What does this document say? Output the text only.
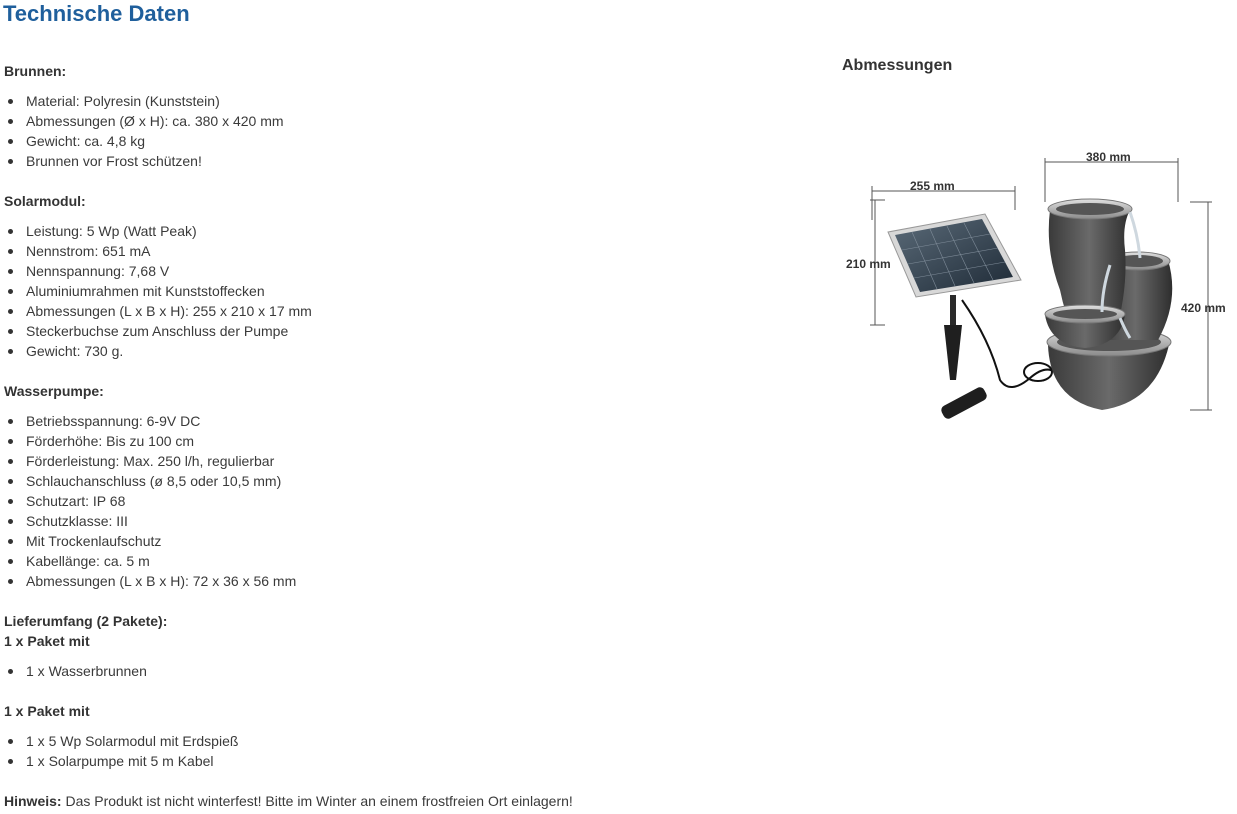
Technische Daten
Brunnen:
Material: Polyresin (Kunststein)
Abmessungen (Ø x H): ca. 380 x 420 mm
Gewicht: ca. 4,8 kg
Brunnen vor Frost schützen!
Solarmodul:
Leistung: 5 Wp (Watt Peak)
Nennstrom: 651 mA
Nennspannung: 7,68 V
Aluminiumrahmen mit Kunststoffecken
Abmessungen (L x B x H): 255 x 210 x 17 mm
Steckerbuchse zum Anschluss der Pumpe
Gewicht: 730 g.
Wasserpumpe:
Betriebsspannung: 6-9V DC
Förderhöhe: Bis zu 100 cm
Förderleistung: Max. 250 l/h, regulierbar
Schlauchanschluss (ø 8,5 oder 10,5 mm)
Schutzart: IP 68
Schutzklasse: III
Mit Trockenlaufschutz
Kabellänge: ca. 5 m
Abmessungen (L x B x H): 72 x 36 x 56 mm
Lieferumfang (2 Pakete):
1 x Paket mit
1 x Wasserbrunnen
1 x Paket mit
1 x 5 Wp Solarmodul mit Erdspieß
1 x Solarpumpe mit 5 m Kabel
Hinweis: Das Produkt ist nicht winterfest! Bitte im Winter an einem frostfreien Ort einlagern!
Abmessungen
380 mm
420 mm
255 mm
210 mm
